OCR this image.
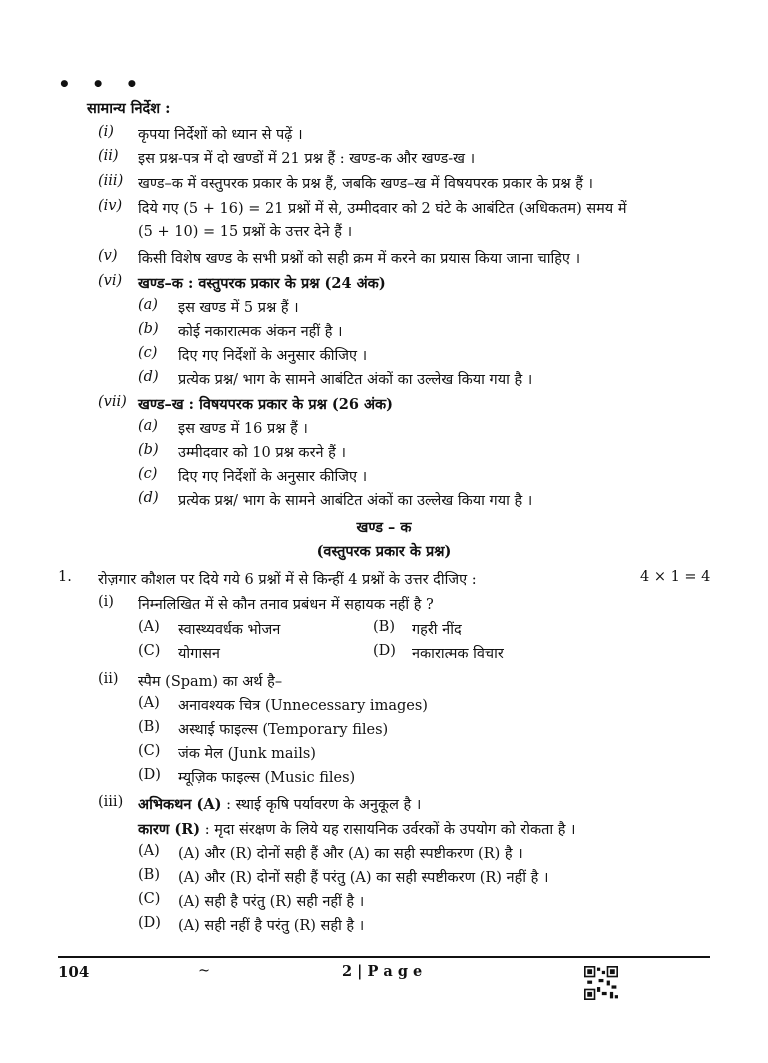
• • •
सामान्य निर्देश :
(i) कृपया निर्देशों को ध्यान से पढ़ें ।
(ii) इस प्रश्न-पत्र में दो खण्डों में 21 प्रश्न हैं : खण्ड-क और खण्ड-ख ।
(iii) खण्ड–क में वस्तुपरक प्रकार के प्रश्न हैं, जबकि खण्ड–ख में विषयपरक प्रकार के प्रश्न हैं ।
(iv) दिये गए (5 + 16) = 21 प्रश्नों में से, उम्मीदवार को 2 घंटे के आबंटित (अधिकतम) समय में
(5 + 10) = 15 प्रश्नों के उत्तर देने हैं ।
(v) किसी विशेष खण्ड के सभी प्रश्नों को सही क्रम में करने का प्रयास किया जाना चाहिए ।
(vi) खण्ड–क : वस्तुपरक प्रकार के प्रश्न (24 अंक)
(a) इस खण्ड में 5 प्रश्न हैं ।
(b) कोई नकारात्मक अंकन नहीं है ।
(c) दिए गए निर्देशों के अनुसार कीजिए ।
(d) प्रत्येक प्रश्न/ भाग के सामने आबंटित अंकों का उल्लेख किया गया है ।
(vii) खण्ड–ख : विषयपरक प्रकार के प्रश्न (26 अंक)
(a) इस खण्ड में 16 प्रश्न हैं ।
(b) उम्मीदवार को 10 प्रश्न करने हैं ।
(c) दिए गए निर्देशों के अनुसार कीजिए ।
(d) प्रत्येक प्रश्न/ भाग के सामने आबंटित अंकों का उल्लेख किया गया है ।
खण्ड – क
(वस्तुपरक प्रकार के प्रश्न)
1. रोज़गार कौशल पर दिये गये 6 प्रश्नों में से किन्हीं 4 प्रश्नों के उत्तर दीजिए :	4 × 1 = 4
(i) निम्नलिखित में से कौन तनाव प्रबंधन में सहायक नहीं है ?
(A) स्वास्थ्यवर्धक भोजन	(B) गहरी नींद
(C) योगासन	(D) नकारात्मक विचार
(ii) स्पैम (Spam) का अर्थ है–
(A) अनावश्यक चित्र (Unnecessary images)
(B) अस्थाई फाइल्स (Temporary files)
(C) जंक मेल (Junk mails)
(D) म्यूज़िक फाइल्स (Music files)
(iii) अभिकथन (A) : स्थाई कृषि पर्यावरण के अनुकूल है ।
कारण (R) : मृदा संरक्षण के लिये यह रासायनिक उर्वरकों के उपयोग को रोकता है ।
(A) (A) और (R) दोनों सही हैं और (A) का सही स्पष्टीकरण (R) है ।
(B) (A) और (R) दोनों सही हैं परंतु (A) का सही स्पष्टीकरण (R) नहीं है ।
(C) (A) सही है परंतु (R) सही नहीं है ।
(D) (A) सही नहीं है परंतु (R) सही है ।
104	~	2 | P a g e
